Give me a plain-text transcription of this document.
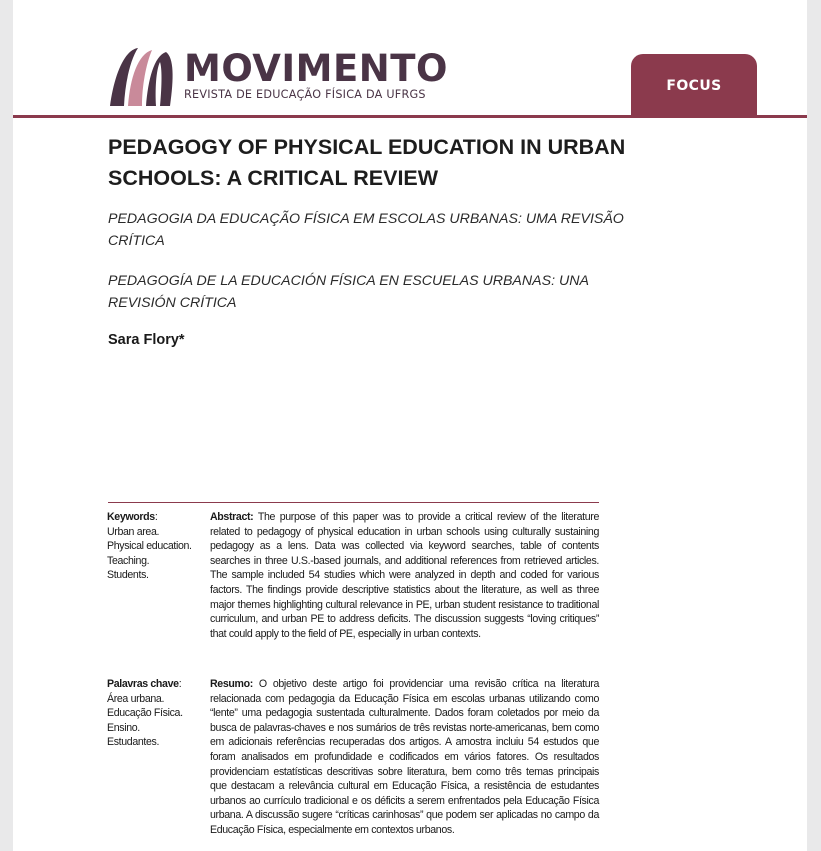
MOVIMENTO
REVISTA DE EDUCAÇÃO FÍSICA DA UFRGS
FOCUS
PEDAGOGY OF PHYSICAL EDUCATION IN URBAN SCHOOLS: A CRITICAL REVIEW

PEDAGOGIA DA EDUCAÇÃO FÍSICA EM ESCOLAS URBANAS: UMA REVISÃO CRÍTICA

PEDAGOGÍA DE LA EDUCACIÓN FÍSICA EN ESCUELAS URBANAS: UNA REVISIÓN CRÍTICA

Sara Flory*

Keywords:
Urban area.
Physical education.
Teaching.
Students.

Abstract: The purpose of this paper was to provide a critical review of the literature related to pedagogy of physical education in urban schools using culturally sustaining pedagogy as a lens. Data was collected via keyword searches, table of contents searches in three U.S.-based journals, and additional references from retrieved articles. The sample included 54 studies which were analyzed in depth and coded for various factors. The findings provide descriptive statistics about the literature, as well as three major themes highlighting cultural relevance in PE, urban student resistance to traditional curriculum, and urban PE to address deficits. The discussion suggests “loving critiques” that could apply to the field of PE, especially in urban contexts.

Palavras chave:
Área urbana.
Educação Física.
Ensino.
Estudantes.

Resumo: O objetivo deste artigo foi providenciar uma revisão crítica na literatura relacionada com pedagogia da Educação Física em escolas urbanas utilizando como “lente” uma pedagogia sustentada culturalmente. Dados foram coletados por meio da busca de palavras-chaves e nos sumários de três revistas norte-americanas, bem como em adicionais referências recuperadas dos artigos. A amostra incluiu 54 estudos que foram analisados em profundidade e codificados em vários fatores. Os resultados providenciam estatísticas descritivas sobre literatura, bem como três temas principais que destacam a relevância cultural em Educação Física, a resistência de estudantes urbanos ao currículo tradicional e os déficits a serem enfrentados pela Educação Física urbana. A discussão sugere “críticas carinhosas” que podem ser aplicadas no campo da Educação Física, especialmente em contextos urbanos.
